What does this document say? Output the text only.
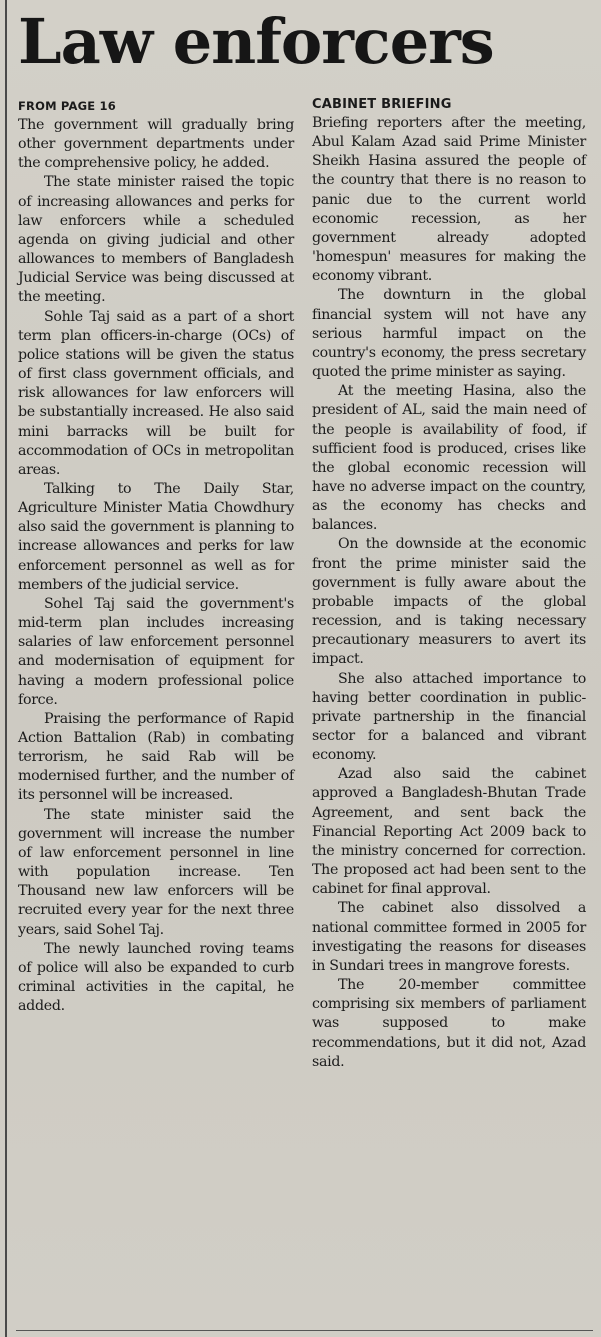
Law enforcers

FROM PAGE 16

The government will gradually bring other government departments under the comprehensive policy, he added.

The state minister raised the topic of increasing allowances and perks for law enforcers while a scheduled agenda on giving judicial and other allowances to members of Bangladesh Judicial Service was being discussed at the meeting.

Sohle Taj said as a part of a short term plan officers-in-charge (OCs) of police stations will be given the status of first class government officials, and risk allowances for law enforcers will be substantially increased. He also said mini barracks will be built for accommodation of OCs in metropolitan areas.

Talking to The Daily Star, Agriculture Minister Matia Chowdhury also said the government is planning to increase allowances and perks for law enforcement personnel as well as for members of the judicial service.

Sohel Taj said the government's mid-term plan includes increasing salaries of law enforcement personnel and modernisation of equipment for having a modern professional police force.

Praising the performance of Rapid Action Battalion (Rab) in combating terrorism, he said Rab will be modernised further, and the number of its personnel will be increased.

The state minister said the government will increase the number of law enforcement personnel in line with population increase. Ten Thousand new law enforcers will be recruited every year for the next three years, said Sohel Taj.

The newly launched roving teams of police will also be expanded to curb criminal activities in the capital, he added.

CABINET BRIEFING

Briefing reporters after the meeting, Abul Kalam Azad said Prime Minister Sheikh Hasina assured the people of the country that there is no reason to panic due to the current world economic recession, as her government already adopted 'homespun' measures for making the economy vibrant.

The downturn in the global financial system will not have any serious harmful impact on the country's economy, the press secretary quoted the prime minister as saying.

At the meeting Hasina, also the president of AL, said the main need of the people is availability of food, if sufficient food is produced, crises like the global economic recession will have no adverse impact on the country, as the economy has checks and balances.

On the downside at the economic front the prime minister said the government is fully aware about the probable impacts of the global recession, and is taking necessary precautionary measurers to avert its impact.

She also attached importance to having better coordination in public-private partnership in the financial sector for a balanced and vibrant economy.

Azad also said the cabinet approved a Bangladesh-Bhutan Trade Agreement, and sent back the Financial Reporting Act 2009 back to the ministry concerned for correction. The proposed act had been sent to the cabinet for final approval.

The cabinet also dissolved a national committee formed in 2005 for investigating the reasons for diseases in Sundari trees in mangrove forests.

The 20-member committee comprising six members of parliament was supposed to make recommendations, but it did not, Azad said.
